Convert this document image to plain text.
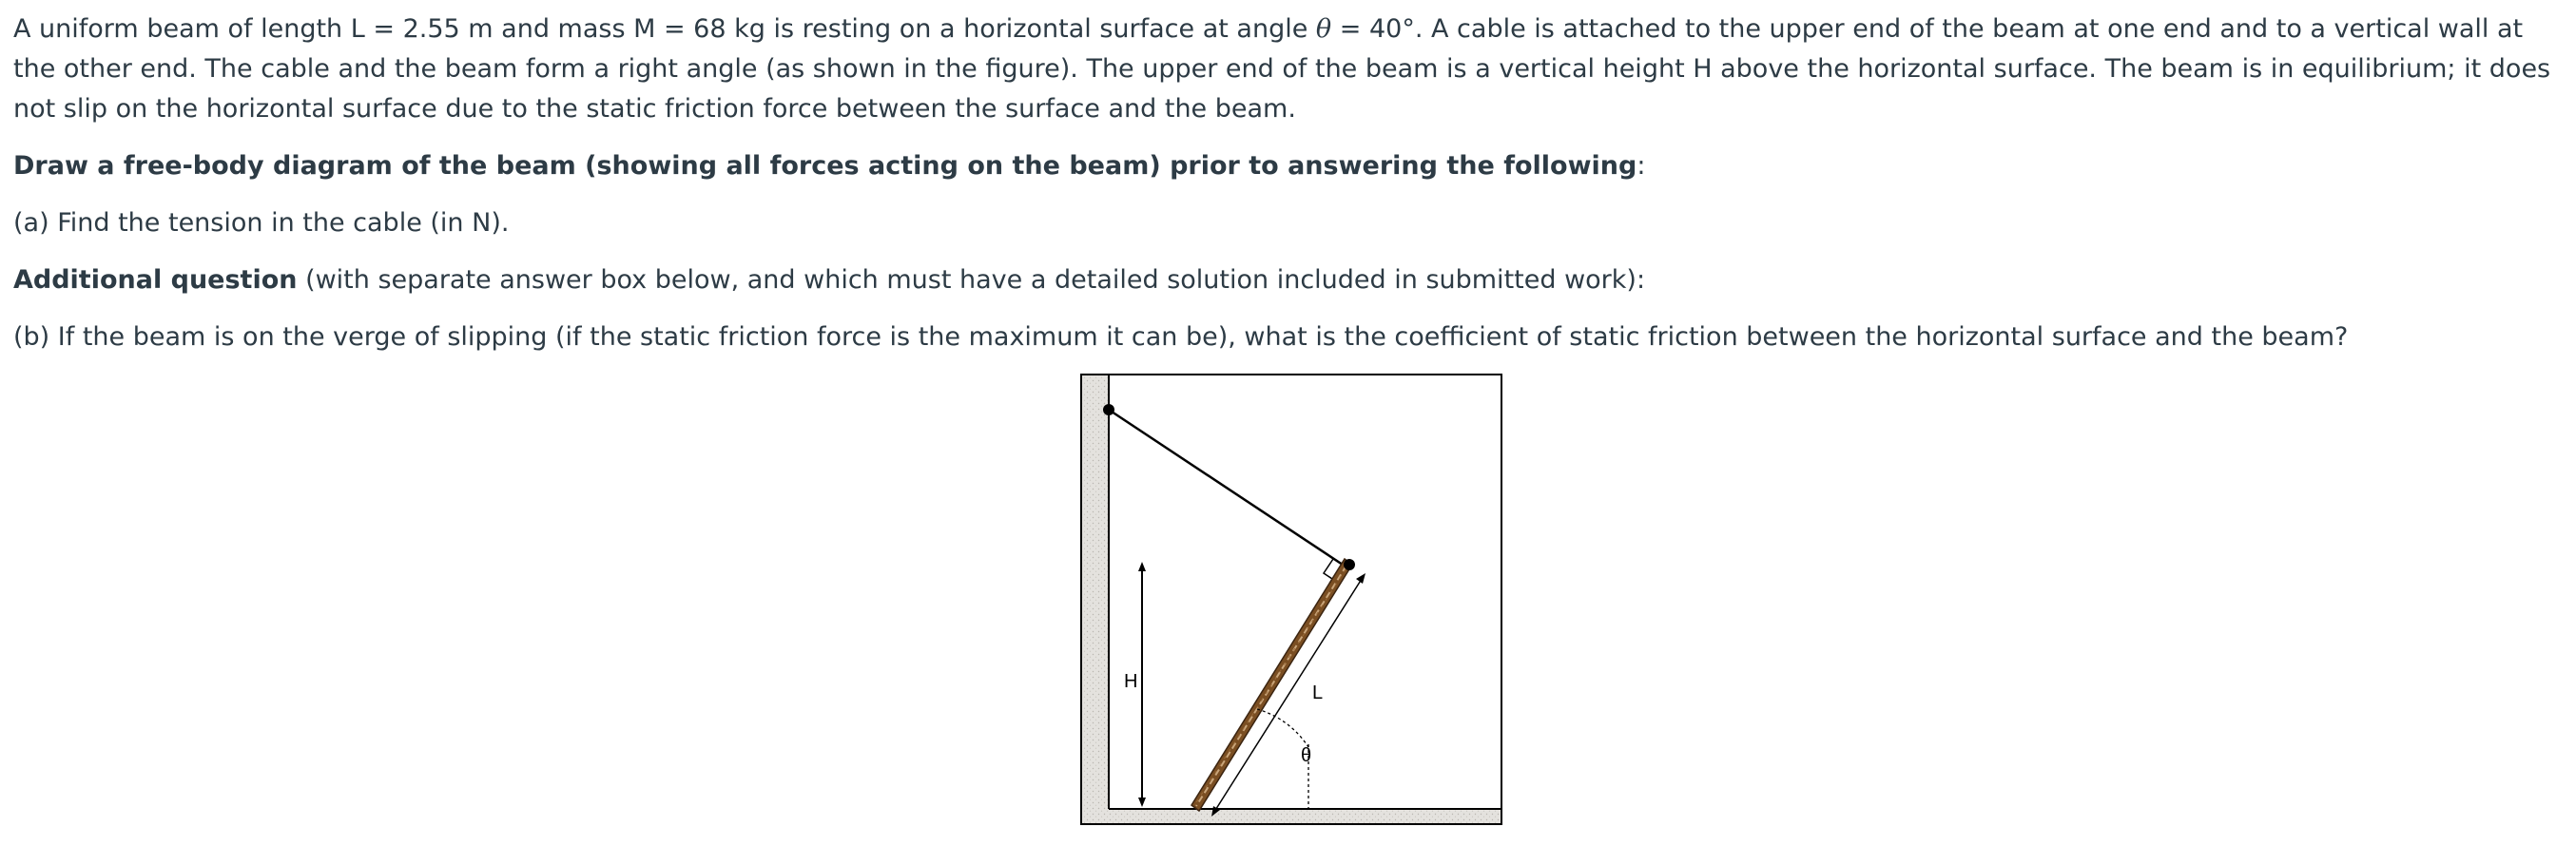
A uniform beam of length L = 2.55 m and mass M = 68 kg is resting on a horizontal surface at angle θ = 40°. A cable is attached to the upper end of the beam at one end and to a vertical wall at the other end. The cable and the beam form a right angle (as shown in the figure). The upper end of the beam is a vertical height H above the horizontal surface. The beam is in equilibrium; it does not slip on the horizontal surface due to the static friction force between the surface and the beam.

Draw a free-body diagram of the beam (showing all forces acting on the beam) prior to answering the following:

(a) Find the tension in the cable (in N).

Additional question (with separate answer box below, and which must have a detailed solution included in submitted work):

(b) If the beam is on the verge of slipping (if the static friction force is the maximum it can be), what is the coefficient of static friction between the horizontal surface and the beam?

H
L
θ
